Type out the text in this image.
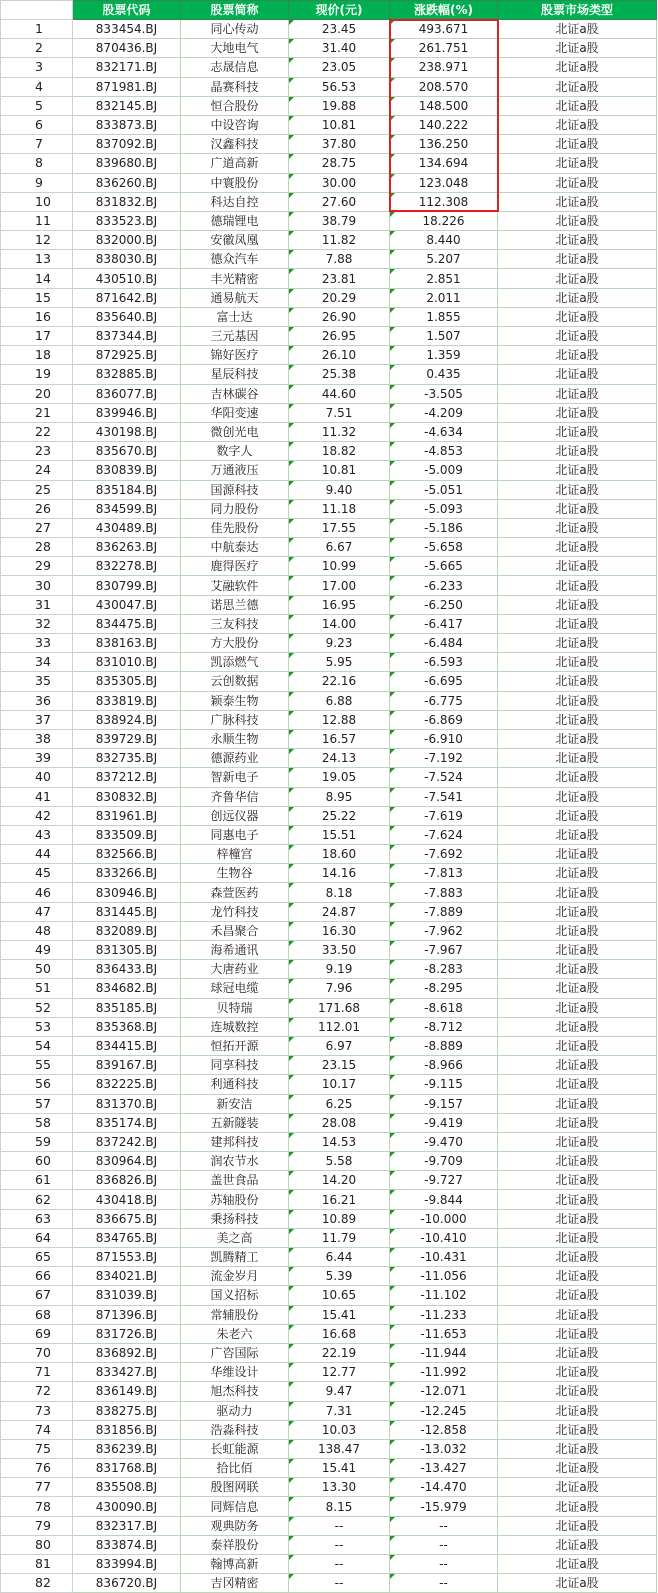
	股票代码	股票简称	现价(元)	涨跌幅(%)	股票市场类型
1	833454.BJ	同心传动	23.45	493.671	北证a股
2	870436.BJ	大地电气	31.40	261.751	北证a股
3	832171.BJ	志晟信息	23.05	238.971	北证a股
4	871981.BJ	晶赛科技	56.53	208.570	北证a股
5	832145.BJ	恒合股份	19.88	148.500	北证a股
6	833873.BJ	中设咨询	10.81	140.222	北证a股
7	837092.BJ	汉鑫科技	37.80	136.250	北证a股
8	839680.BJ	广道高新	28.75	134.694	北证a股
9	836260.BJ	中寰股份	30.00	123.048	北证a股
10	831832.BJ	科达自控	27.60	112.308	北证a股
11	833523.BJ	德瑞锂电	38.79	18.226	北证a股
12	832000.BJ	安徽凤凰	11.82	8.440	北证a股
13	838030.BJ	德众汽车	7.88	5.207	北证a股
14	430510.BJ	丰光精密	23.81	2.851	北证a股
15	871642.BJ	通易航天	20.29	2.011	北证a股
16	835640.BJ	富士达	26.90	1.855	北证a股
17	837344.BJ	三元基因	26.95	1.507	北证a股
18	872925.BJ	锦好医疗	26.10	1.359	北证a股
19	832885.BJ	星辰科技	25.38	0.435	北证a股
20	836077.BJ	吉林碳谷	44.60	-3.505	北证a股
21	839946.BJ	华阳变速	7.51	-4.209	北证a股
22	430198.BJ	微创光电	11.32	-4.634	北证a股
23	835670.BJ	数字人	18.82	-4.853	北证a股
24	830839.BJ	万通液压	10.81	-5.009	北证a股
25	835184.BJ	国源科技	9.40	-5.051	北证a股
26	834599.BJ	同力股份	11.18	-5.093	北证a股
27	430489.BJ	佳先股份	17.55	-5.186	北证a股
28	836263.BJ	中航泰达	6.67	-5.658	北证a股
29	832278.BJ	鹿得医疗	10.99	-5.665	北证a股
30	830799.BJ	艾融软件	17.00	-6.233	北证a股
31	430047.BJ	诺思兰德	16.95	-6.250	北证a股
32	834475.BJ	三友科技	14.00	-6.417	北证a股
33	838163.BJ	方大股份	9.23	-6.484	北证a股
34	831010.BJ	凯添燃气	5.95	-6.593	北证a股
35	835305.BJ	云创数据	22.16	-6.695	北证a股
36	833819.BJ	颖泰生物	6.88	-6.775	北证a股
37	838924.BJ	广脉科技	12.88	-6.869	北证a股
38	839729.BJ	永顺生物	16.57	-6.910	北证a股
39	832735.BJ	德源药业	24.13	-7.192	北证a股
40	837212.BJ	智新电子	19.05	-7.524	北证a股
41	830832.BJ	齐鲁华信	8.95	-7.541	北证a股
42	831961.BJ	创远仪器	25.22	-7.619	北证a股
43	833509.BJ	同惠电子	15.51	-7.624	北证a股
44	832566.BJ	梓橦宫	18.60	-7.692	北证a股
45	833266.BJ	生物谷	14.16	-7.813	北证a股
46	830946.BJ	森萱医药	8.18	-7.883	北证a股
47	831445.BJ	龙竹科技	24.87	-7.889	北证a股
48	832089.BJ	禾昌聚合	16.30	-7.962	北证a股
49	831305.BJ	海希通讯	33.50	-7.967	北证a股
50	836433.BJ	大唐药业	9.19	-8.283	北证a股
51	834682.BJ	球冠电缆	7.96	-8.295	北证a股
52	835185.BJ	贝特瑞	171.68	-8.618	北证a股
53	835368.BJ	连城数控	112.01	-8.712	北证a股
54	834415.BJ	恒拓开源	6.97	-8.889	北证a股
55	839167.BJ	同享科技	23.15	-8.966	北证a股
56	832225.BJ	利通科技	10.17	-9.115	北证a股
57	831370.BJ	新安洁	6.25	-9.157	北证a股
58	835174.BJ	五新隧装	28.08	-9.419	北证a股
59	837242.BJ	建邦科技	14.53	-9.470	北证a股
60	830964.BJ	润农节水	5.58	-9.709	北证a股
61	836826.BJ	盖世食品	14.20	-9.727	北证a股
62	430418.BJ	苏轴股份	16.21	-9.844	北证a股
63	836675.BJ	秉扬科技	10.89	-10.000	北证a股
64	834765.BJ	美之高	11.79	-10.410	北证a股
65	871553.BJ	凯腾精工	6.44	-10.431	北证a股
66	834021.BJ	流金岁月	5.39	-11.056	北证a股
67	831039.BJ	国义招标	10.65	-11.102	北证a股
68	871396.BJ	常辅股份	15.41	-11.233	北证a股
69	831726.BJ	朱老六	16.68	-11.653	北证a股
70	836892.BJ	广咨国际	22.19	-11.944	北证a股
71	833427.BJ	华维设计	12.77	-11.992	北证a股
72	836149.BJ	旭杰科技	9.47	-12.071	北证a股
73	838275.BJ	驱动力	7.31	-12.245	北证a股
74	831856.BJ	浩淼科技	10.03	-12.858	北证a股
75	836239.BJ	长虹能源	138.47	-13.032	北证a股
76	831768.BJ	拾比佰	15.41	-13.427	北证a股
77	835508.BJ	殷图网联	13.30	-14.470	北证a股
78	430090.BJ	同辉信息	8.15	-15.979	北证a股
79	832317.BJ	观典防务	--	--	北证a股
80	833874.BJ	泰祥股份	--	--	北证a股
81	833994.BJ	翰博高新	--	--	北证a股
82	836720.BJ	吉冈精密	--	--	北证a股
